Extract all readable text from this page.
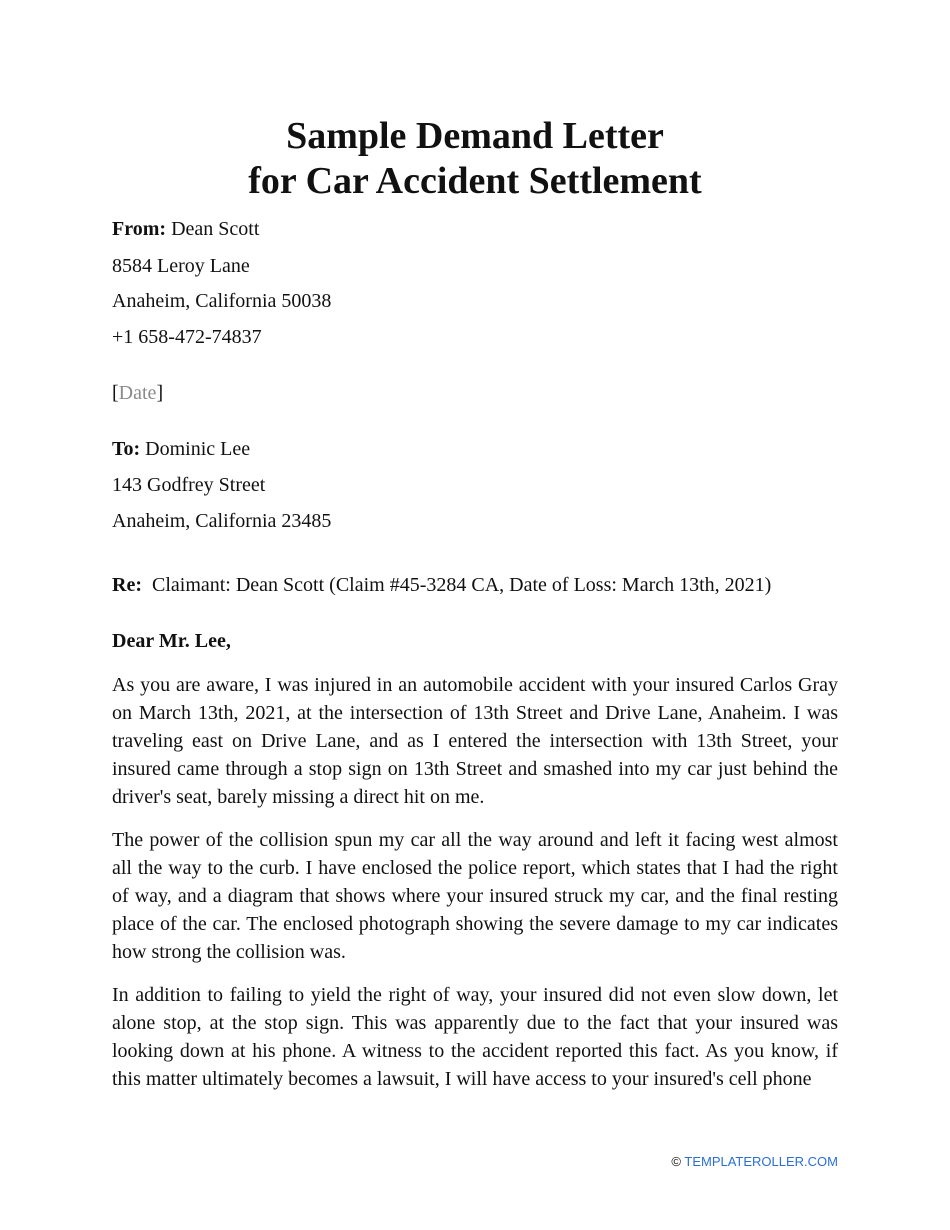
Sample Demand Letter
for Car Accident Settlement

From: Dean Scott

8584 Leroy Lane

Anaheim, California 50038

+1 658-472-74837

[Date]

To: Dominic Lee

143 Godfrey Street

Anaheim, California 23485

Re: Claimant: Dean Scott (Claim #45-3284 CA, Date of Loss: March 13th, 2021)

Dear Mr. Lee,

As you are aware, I was injured in an automobile accident with your insured Carlos Gray on March 13th, 2021, at the intersection of 13th Street and Drive Lane, Anaheim. I was traveling east on Drive Lane, and as I entered the intersection with 13th Street, your insured came through a stop sign on 13th Street and smashed into my car just behind the driver's seat, barely missing a direct hit on me.

The power of the collision spun my car all the way around and left it facing west almost all the way to the curb. I have enclosed the police report, which states that I had the right of way, and a diagram that shows where your insured struck my car, and the final resting place of the car. The enclosed photograph showing the severe damage to my car indicates how strong the collision was.

In addition to failing to yield the right of way, your insured did not even slow down, let alone stop, at the stop sign. This was apparently due to the fact that your insured was looking down at his phone. A witness to the accident reported this fact. As you know, if this matter ultimately becomes a lawsuit, I will have access to your insured's cell phone

© TEMPLATEROLLER.COM
